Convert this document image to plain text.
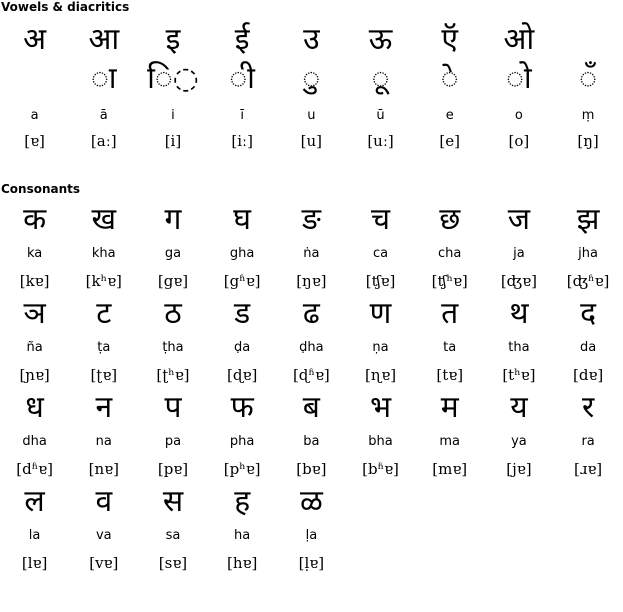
Vowels & diacritics
अ
a
[ɐ]
आ
◌ा
ā
[aː]
इ
ि◌
i
[i]
ई
◌ी
ī
[iː]
उ
◌ु
u
[u]
ऊ
◌ू
ū
[uː]
ऍ
◌े
e
[e]
ओ
◌ो
o
[o]
◌ँ
ṃ
[ŋ]
Consonants
क
ka
[kɐ]
ख
kha
[kʰɐ]
ग
ga
[gɐ]
घ
gha
[gʱɐ]
ङ
ṅa
[ŋɐ]
च
ca
[ʧɐ]
छ
cha
[ʧʰɐ]
ज
ja
[ʤɐ]
झ
jha
[ʤʱɐ]
ञ
ña
[ɲɐ]
ट
ṭa
[ʈɐ]
ठ
ṭha
[ʈʰɐ]
ड
ḍa
[ɖɐ]
ढ
ḍha
[ɖʱɐ]
ण
ṇa
[ɳɐ]
त
ta
[tɐ]
थ
tha
[tʰɐ]
द
da
[dɐ]
ध
dha
[dʱɐ]
न
na
[nɐ]
प
pa
[pɐ]
फ
pha
[pʰɐ]
ब
ba
[bɐ]
भ
bha
[bʱɐ]
म
ma
[mɐ]
य
ya
[jɐ]
र
ra
[ɹɐ]
ल
la
[lɐ]
व
va
[vɐ]
स
sa
[sɐ]
ह
ha
[hɐ]
ळ
ḷa
[ḷɐ]
